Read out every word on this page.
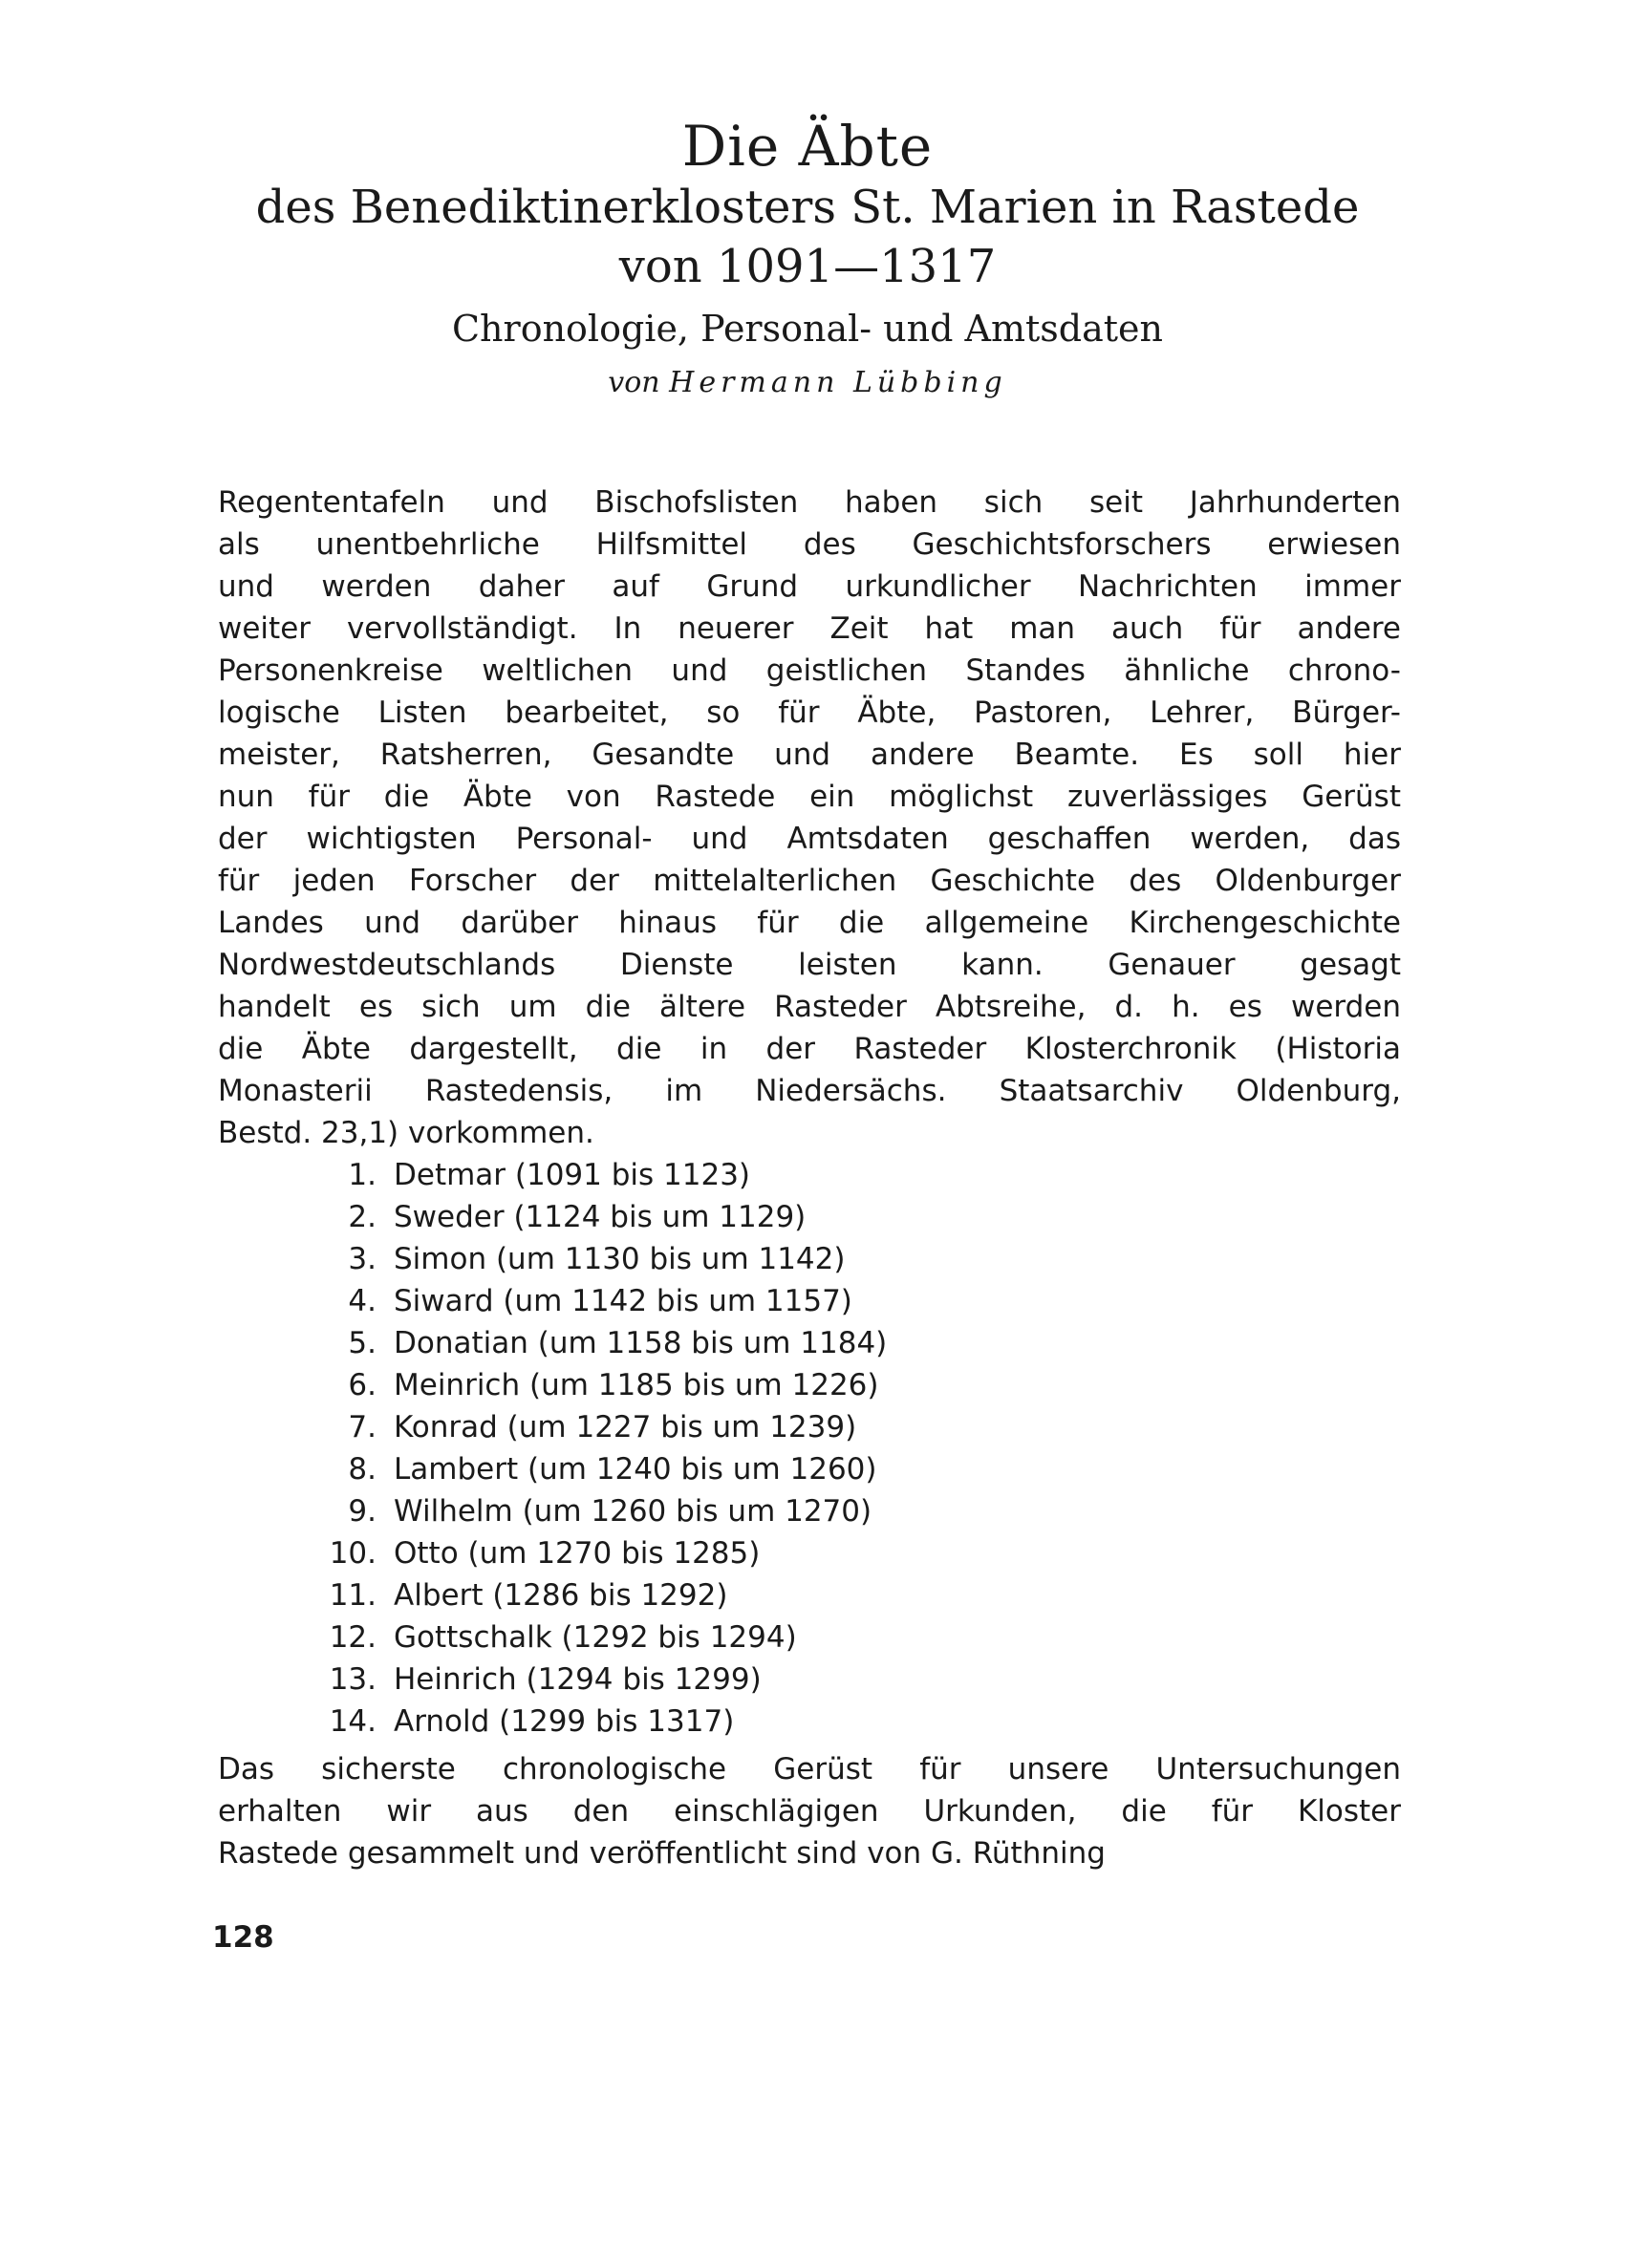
Die Äbte
des Benediktinerklosters St. Marien in Rastede
von 1091—1317
Chronologie, Personal- und Amtsdaten
von Hermann Lübbing
Regententafeln und Bischofslisten haben sich seit Jahrhunderten
als unentbehrliche Hilfsmittel des Geschichtsforschers erwiesen
und werden daher auf Grund urkundlicher Nachrichten immer
weiter vervollständigt. In neuerer Zeit hat man auch für andere
Personenkreise weltlichen und geistlichen Standes ähnliche chrono-
logische Listen bearbeitet, so für Äbte, Pastoren, Lehrer, Bürger-
meister, Ratsherren, Gesandte und andere Beamte. Es soll hier
nun für die Äbte von Rastede ein möglichst zuverlässiges Gerüst
der wichtigsten Personal- und Amtsdaten geschaffen werden, das
für jeden Forscher der mittelalterlichen Geschichte des Oldenburger
Landes und darüber hinaus für die allgemeine Kirchengeschichte
Nordwestdeutschlands Dienste leisten kann. Genauer gesagt
handelt es sich um die ältere Rasteder Abtsreihe, d. h. es werden
die Äbte dargestellt, die in der Rasteder Klosterchronik (Historia
Monasterii Rastedensis, im Niedersächs. Staatsarchiv Oldenburg,
Bestd. 23,1) vorkommen.
1. Detmar (1091 bis 1123)
2. Sweder (1124 bis um 1129)
3. Simon (um 1130 bis um 1142)
4. Siward (um 1142 bis um 1157)
5. Donatian (um 1158 bis um 1184)
6. Meinrich (um 1185 bis um 1226)
7. Konrad (um 1227 bis um 1239)
8. Lambert (um 1240 bis um 1260)
9. Wilhelm (um 1260 bis um 1270)
10. Otto (um 1270 bis 1285)
11. Albert (1286 bis 1292)
12. Gottschalk (1292 bis 1294)
13. Heinrich (1294 bis 1299)
14. Arnold (1299 bis 1317)
Das sicherste chronologische Gerüst für unsere Untersuchungen
erhalten wir aus den einschlägigen Urkunden, die für Kloster
Rastede gesammelt und veröffentlicht sind von G. Rüthning
128
